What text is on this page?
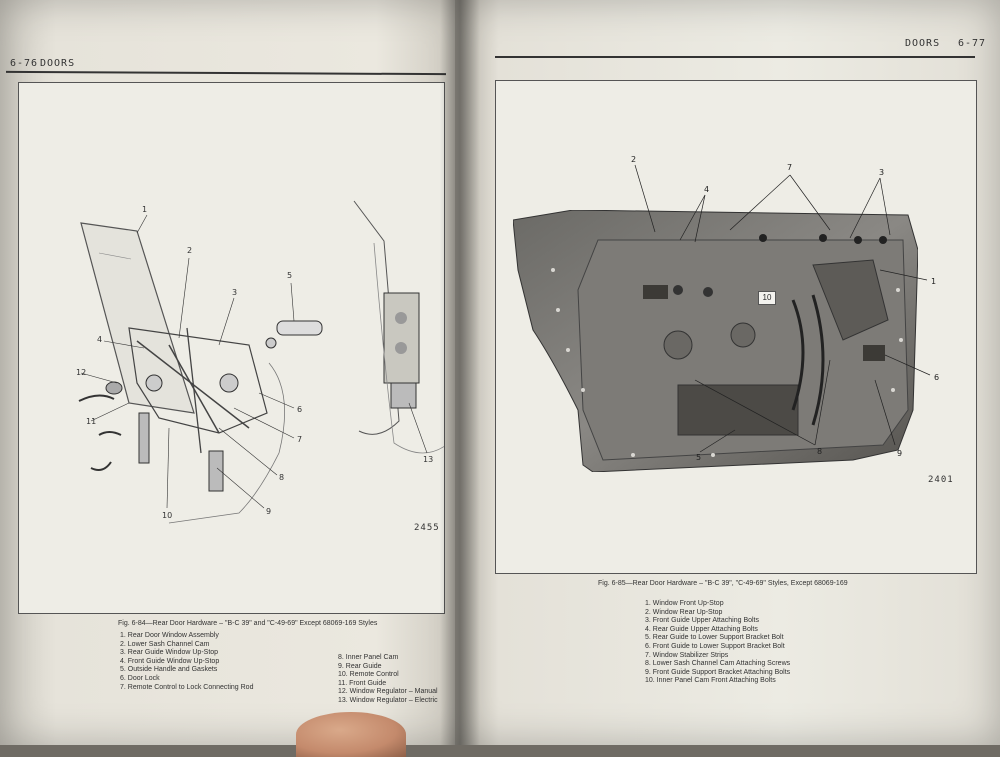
6-76 DOORS
1
2
3
4
5
6
7
8
9
10
11
12
13
2455
Fig. 6-84—Rear Door Hardware – "B-C 39" and "C-49-69" Except 68069-169 Styles
1. Rear Door Window Assembly
2. Lower Sash Channel Cam
3. Rear Guide Window Up-Stop
4. Front Guide Window Up-Stop
5. Outside Handle and Gaskets
6. Door Lock
7. Remote Control to Lock Connecting Rod
8. Inner Panel Cam
9. Rear Guide
10. Remote Control
11. Front Guide
12. Window Regulator – Manual
13. Window Regulator – Electric
DOORS 6-77
2
4
7
3
1
10
6
8	9
5
2401
Fig. 6-85—Rear Door Hardware – "B-C 39", "C-49-69" Styles, Except 68069-169
1. Window Front Up-Stop
2. Window Rear Up-Stop
3. Front Guide Upper Attaching Bolts
4. Rear Guide Upper Attaching Bolts
5. Rear Guide to Lower Support Bracket Bolt
6. Front Guide to Lower Support Bracket Bolt
7. Window Stabilizer Strips
8. Lower Sash Channel Cam Attaching Screws
9. Front Guide Support Bracket Attaching Bolts
10. Inner Panel Cam Front Attaching Bolts
